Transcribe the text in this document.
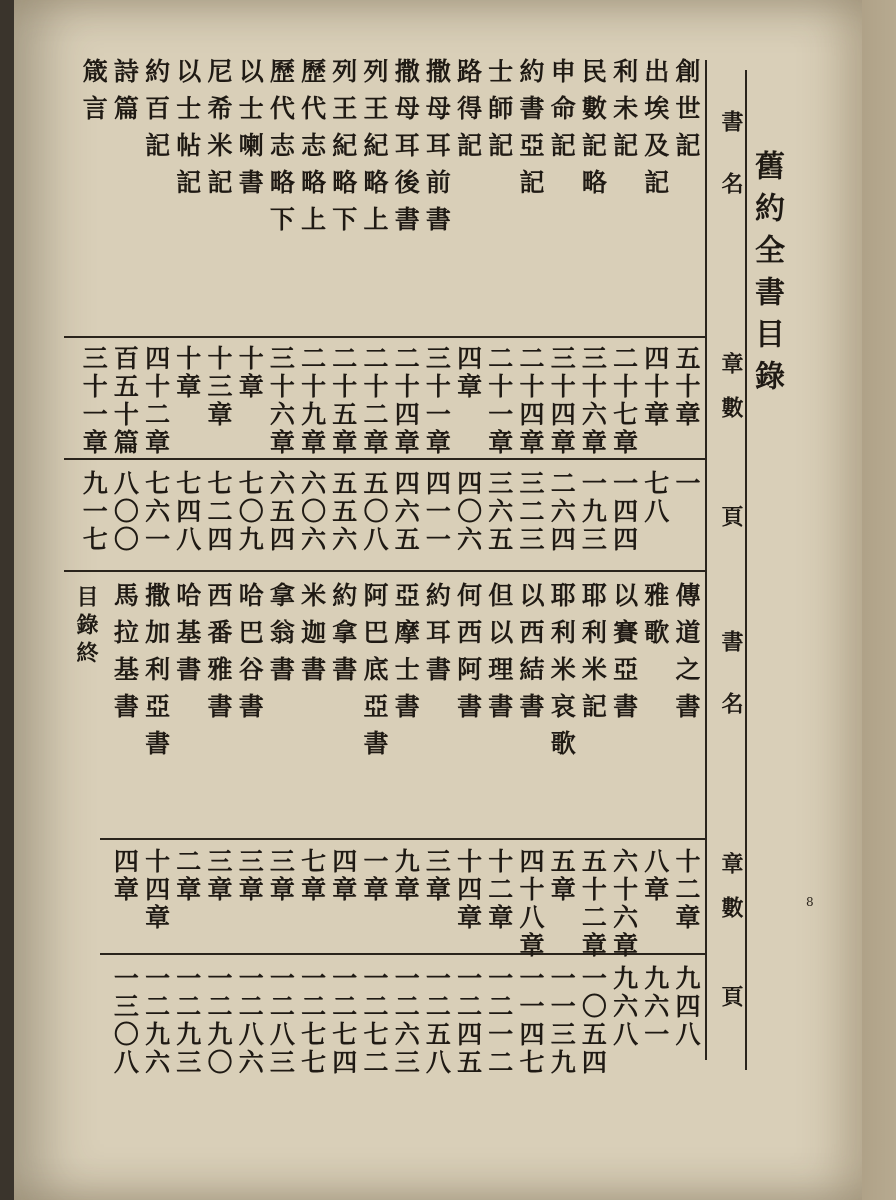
舊約全書目錄
8
書名
章數
頁
書名
章數
頁
創世記
五十章
一
出埃及記
四十章
七八
利未記
二十七章
一四四
民數記略
三十六章
一九三
申命記
三十四章
二六四
約書亞記
二十四章
三二三
士師記
二十一章
三六五
路得記
四章
四〇六
撒母耳前書
三十一章
四一一
撒母耳後書
二十四章
四六五
列王紀略上
二十二章
五〇八
列王紀略下
二十五章
五五六
歷代志略上
二十九章
六〇六
歷代志略下
三十六章
六五四
以士喇書
十章
七〇九
尼希米記
十三章
七二四
以士帖記
十章
七四八
約百記
四十二章
七六一
詩篇
百五十篇
八〇〇
箴言
三十一章
九一七
傳道之書
十二章
九四八
雅歌
八章
九六一
以賽亞書
六十六章
九六八
耶利米記
五十二章
一〇五四
耶利米哀歌
五章
一一三九
以西結書
四十八章
一一四七
但以理書
十二章
一二一二
何西阿書
十四章
一二四五
約耳書
三章
一二五八
亞摩士書
九章
一二六三
阿巴底亞書
一章
一二七二
約拿書
四章
一二七四
米迦書
七章
一二七七
拿翁書
三章
一二八三
哈巴谷書
三章
一二八六
西番雅書
三章
一二九〇
哈基書
二章
一二九三
撒加利亞書
十四章
一二九六
馬拉基書
四章
一三〇八
目錄終
